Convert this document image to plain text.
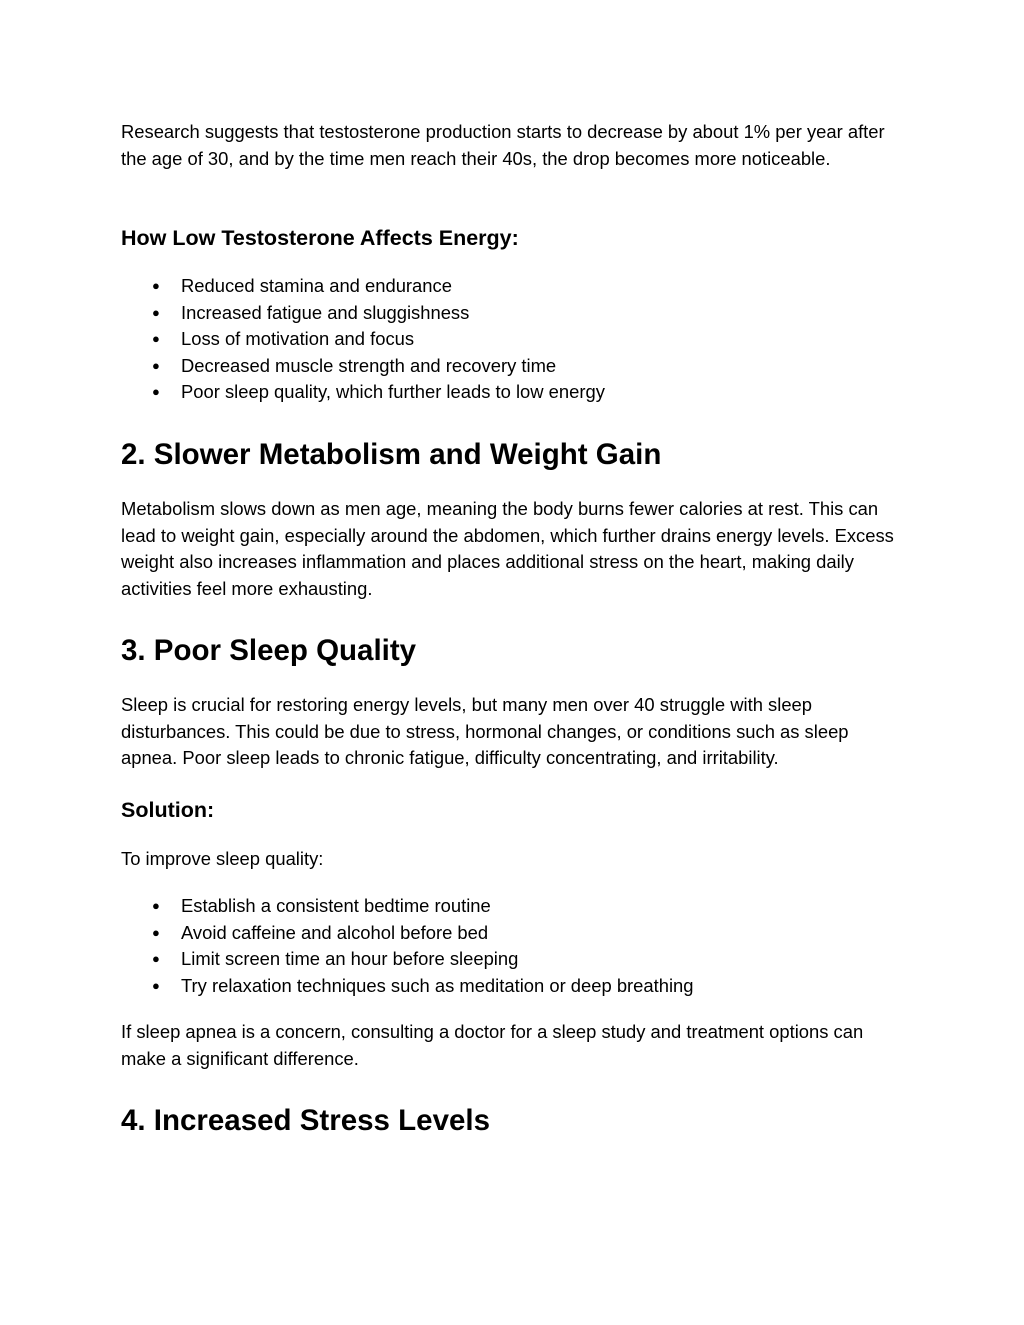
Research suggests that testosterone production starts to decrease by about 1% per year after the age of 30, and by the time men reach their 40s, the drop becomes more noticeable.

How Low Testosterone Affects Energy:
● Reduced stamina and endurance
● Increased fatigue and sluggishness
● Loss of motivation and focus
● Decreased muscle strength and recovery time
● Poor sleep quality, which further leads to low energy
2. Slower Metabolism and Weight Gain

Metabolism slows down as men age, meaning the body burns fewer calories at rest. This can lead to weight gain, especially around the abdomen, which further drains energy levels. Excess weight also increases inflammation and places additional stress on the heart, making daily activities feel more exhausting.

3. Poor Sleep Quality

Sleep is crucial for restoring energy levels, but many men over 40 struggle with sleep disturbances. This could be due to stress, hormonal changes, or conditions such as sleep apnea. Poor sleep leads to chronic fatigue, difficulty concentrating, and irritability.

Solution:

To improve sleep quality:

● Establish a consistent bedtime routine
● Avoid caffeine and alcohol before bed
● Limit screen time an hour before sleeping
● Try relaxation techniques such as meditation or deep breathing

If sleep apnea is a concern, consulting a doctor for a sleep study and treatment options can make a significant difference.

4. Increased Stress Levels
